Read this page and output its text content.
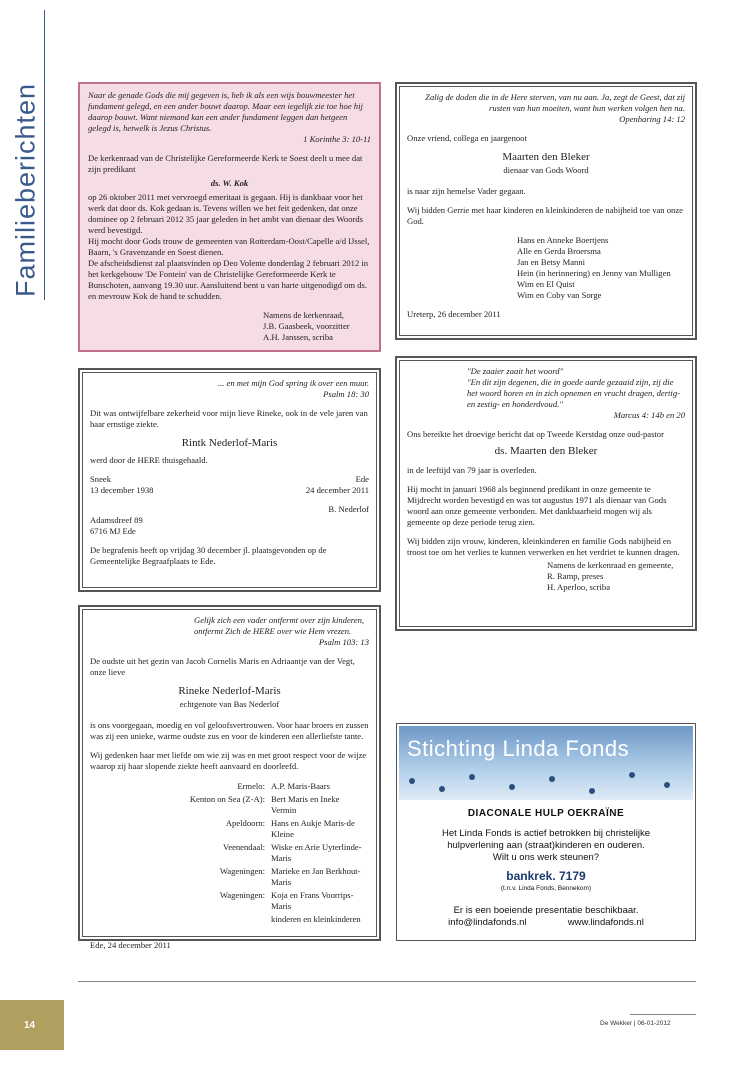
Familieberichten	Naar de genade Gods die mij gegeven is, heb ik als een wijs bouwmeester het fundament gelegd, en een ander bouwt daarop. Maar een iegelijk zie toe hoe hij daarop bouwt. Want niemand kan een ander fundament leggen dan hetgeen gelegd is, hetwelk is Jezus Christus.

1 Korinthe 3: 10-11

De kerkenraad van de Christelijke Gereformeerde Kerk te Soest deelt u mee dat zijn predikant

ds. W. Kok

op 26 oktober 2011 met vervroegd emeritaat is gegaan. Hij is dankbaar voor het werk dat door ds. Kok gedaan is. Tevens willen we het feit gedenken, dat onze dominee op 2 februari 2012 35 jaar geleden in het ambt van dienaar des Woords werd bevestigd.

Hij mocht door Gods trouw de gemeenten van Rotterdam-Oost/Capelle a/d IJssel, Baarn, 's Gravenzande en Soest dienen.

De afscheidsdienst zal plaatsvinden op Deo Volente donderdag 2 februari 2012 in het kerkgebouw 'De Fontein' van de Christelijke Gereformeerde Kerk te Bunschoten, aanvang 19.30 uur. Aansluitend bent u van harte uitgenodigd om ds. en mevrouw Kok de hand te schudden.

Namens de kerkenraad,
J.B. Gaasbeek, voorzitter
A.H. Janssen, scriba

Zalig de doden die in de Here sterven, van nu aan. Ja, zegt de Geest, dat zij rusten van hun moeiten, want hun werken volgen hen na.

Openbaring 14: 12

Onze vriend, collega en jaargenoot

Maarten den Bleker
dienaar van Gods Woord

is naar zijn hemelse Vader gegaan.

Wij bidden Gerrie met haar kinderen en kleinkinderen de nabijheid toe van onze God.

Hans en Anneke Boertjens
Alle en Gerda Broersma
Jan en Betsy Manni
Hein (in herinnering) en Jenny van Mulligen
Wim en El Quist
Wim en Coby van Sorge

Ureterp, 26 december 2011

... en met mijn God spring ik over een muur.

Psalm 18: 30

Dit was ontwijfelbare zekerheid voor mijn lieve Rineke, ook in de vele jaren van haar ernstige ziekte.

Rintk Nederlof-Maris

werd door de HERE thuisgehaald.

Sneek
13 december 1938
Ede
24 december 2011
B. Nederlof
Adamsdreef 89
6716 MJ Ede

De begrafenis heeft op vrijdag 30 december jl. plaatsgevonden op de Gemeentelijke Begraafplaats te Ede.

"De zaaier zaait het woord"
"En dit zijn degenen, die in goede aarde gezaaid zijn, zij die het woord horen en in zich opnemen en vrucht dragen, dertig- en zestig- en honderdvoud."

Marcus 4: 14b en 20

Ons bereikte het droevige bericht dat op Tweede Kerstdag onze oud-pastor

ds. Maarten den Bleker

in de leeftijd van 79 jaar is overleden.

Hij mocht in januari 1968 als beginnend predikant in onze gemeente te Mijdrecht worden bevestigd en was tot augustus 1971 als dienaar van Gods woord aan onze gemeente verbonden. Met dankbaarheid mogen wij als gemeente op deze periode terug zien.

Wij bidden zijn vrouw, kinderen, kleinkinderen en familie Gods nabijheid en troost toe om het verlies te kunnen verwerken en het verdriet te kunnen dragen.

Namens de kerkenraad en gemeente,
R. Ramp, preses
H. Aperloo, scriba
Gelijk zich een vader ontfermt over zijn kinderen, ontfermt Zich de HERE over wie Hem vrezen.

Psalm 103: 13

De oudste uit het gezin van Jacob Cornelis Maris en Adriaantje van der Vegt, onze lieve

Rineke Nederlof-Maris
echtgenote van Bas Nederlof

is ons voorgegaan, moedig en vol geloofsvertrouwen. Voor haar broers en zussen was zij een unieke, warme oudste zus en voor de kinderen een allerliefste tante.

Wij gedenken haar met liefde om wie zij was en met groot respect voor de wijze waarop zij haar slopende ziekte heeft aanvaard en doorleefd.

Ermelo:	A.P. Maris-Baars
Kenton on Sea (Z-A):	Bert Maris en Ineke Vermin
Apeldoorn:	Hans en Aukje Maris-de Kleine
Veenendaal:	Wiske en Arie Uyterlinde-Maris
Wageningen:	Marieke en Jan Berkhout-Maris
Wageningen:	Koja en Frans Voorrips-Maris
	kinderen en kleinkinderen

Ede, 24 december 2011

Stichting Linda Fonds
DIACONALE HULP OEKRAÏNE
Het Linda Fonds is actief betrokken bij christelijke
hulpverlening aan (straat)kinderen en ouderen.
Wilt u ons werk steunen?
bankrek. 7179
(t.n.v. Linda Fonds, Bennekom)
Er is een boeiende presentatie beschikbaar.
info@lindafonds.nl	www.lindafonds.nl
14	De Wekker | 06-01-2012
